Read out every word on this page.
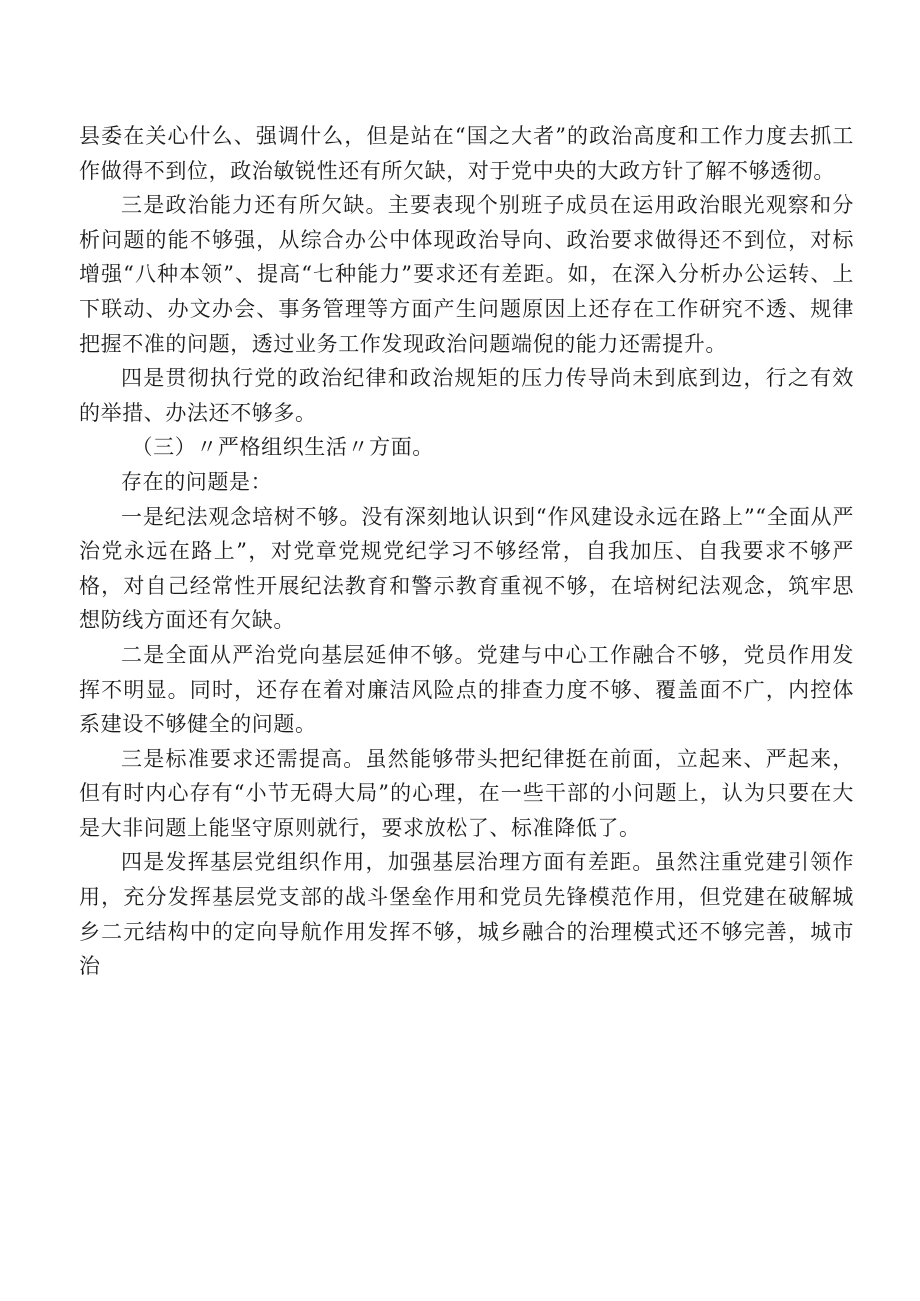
县委在关心什么、强调什么，但是站在“国之大者”的政治高度和工作力度去抓工作做得不到位，政治敏锐性还有所欠缺，对于党中央的大政方针了解不够透彻。

三是政治能力还有所欠缺。主要表现个别班子成员在运用政治眼光观察和分析问题的能不够强，从综合办公中体现政治导向、政治要求做得还不到位，对标增强“八种本领”、提高“七种能力”要求还有差距。如，在深入分析办公运转、上下联动、办文办会、事务管理等方面产生问题原因上还存在工作研究不透、规律把握不准的问题，透过业务工作发现政治问题端倪的能力还需提升。

四是贯彻执行党的政治纪律和政治规矩的压力传导尚未到底到边，行之有效的举措、办法还不够多。

（三）〃严格组织生活〃方面。

存在的问题是：

一是纪法观念培树不够。没有深刻地认识到“作风建设永远在路上”“全面从严治党永远在路上”，对党章党规党纪学习不够经常，自我加压、自我要求不够严格，对自己经常性开展纪法教育和警示教育重视不够，在培树纪法观念，筑牢思想防线方面还有欠缺。

二是全面从严治党向基层延伸不够。党建与中心工作融合不够，党员作用发挥不明显。同时，还存在着对廉洁风险点的排查力度不够、覆盖面不广，内控体系建设不够健全的问题。

三是标准要求还需提高。虽然能够带头把纪律挺在前面，立起来、严起来，但有时内心存有“小节无碍大局”的心理，在一些干部的小问题上，认为只要在大是大非问题上能坚守原则就行，要求放松了、标准降低了。

四是发挥基层党组织作用，加强基层治理方面有差距。虽然注重党建引领作用，充分发挥基层党支部的战斗堡垒作用和党员先锋模范作用，但党建在破解城乡二元结构中的定向导航作用发挥不够，城乡融合的治理模式还不够完善，城市治
